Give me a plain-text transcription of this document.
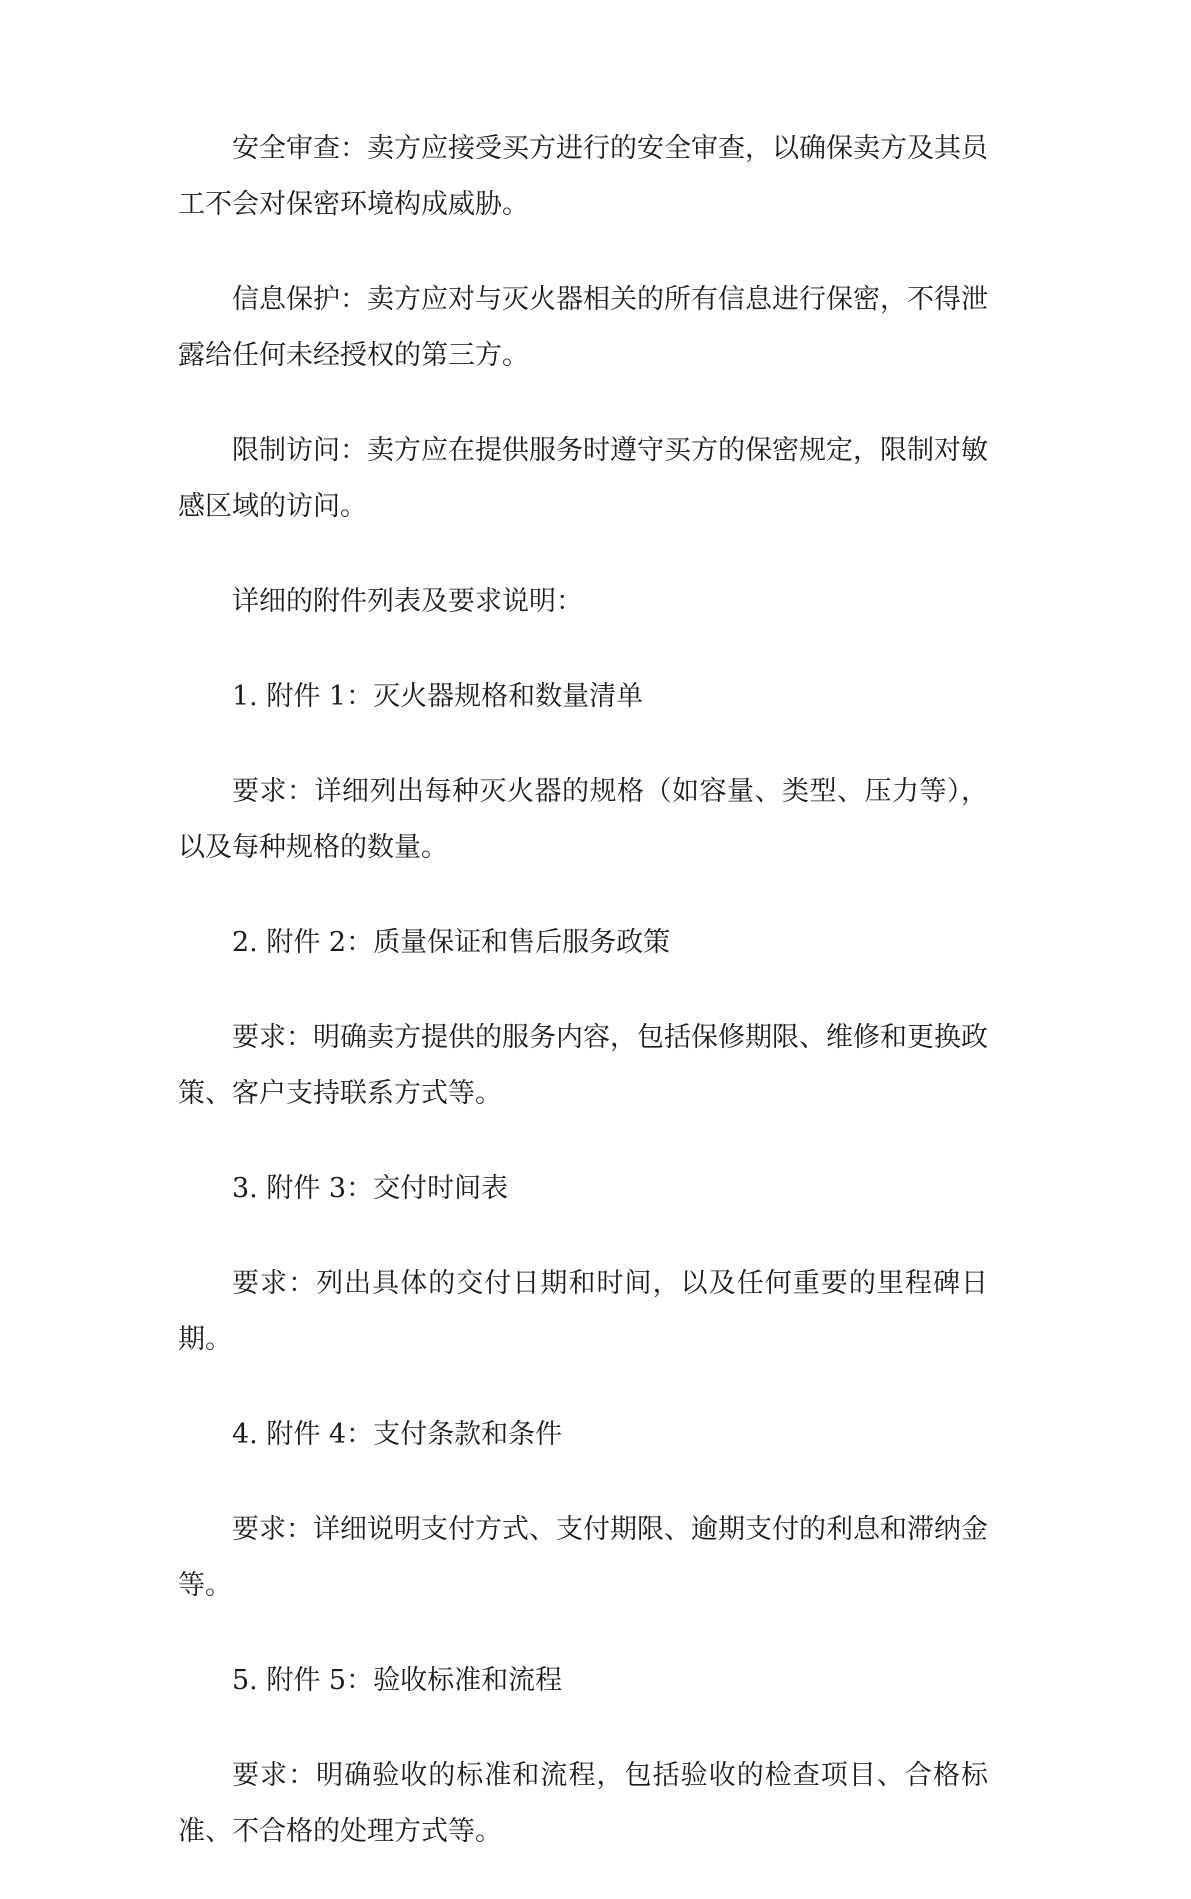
安全审查：卖方应接受买方进行的安全审查，以确保卖方及其员工不会对保密环境构成威胁。

信息保护：卖方应对与灭火器相关的所有信息进行保密，不得泄露给任何未经授权的第三方。

限制访问：卖方应在提供服务时遵守买方的保密规定，限制对敏感区域的访问。

详细的附件列表及要求说明：

1. 附件 1：灭火器规格和数量清单

要求：详细列出每种灭火器的规格（如容量、类型、压力等），以及每种规格的数量。

2. 附件 2：质量保证和售后服务政策

要求：明确卖方提供的服务内容，包括保修期限、维修和更换政策、客户支持联系方式等。

3. 附件 3：交付时间表

要求：列出具体的交付日期和时间，以及任何重要的里程碑日期。

4. 附件 4：支付条款和条件

要求：详细说明支付方式、支付期限、逾期支付的利息和滞纳金等。

5. 附件 5：验收标准和流程

要求：明确验收的标准和流程，包括验收的检查项目、合格标准、不合格的处理方式等。
